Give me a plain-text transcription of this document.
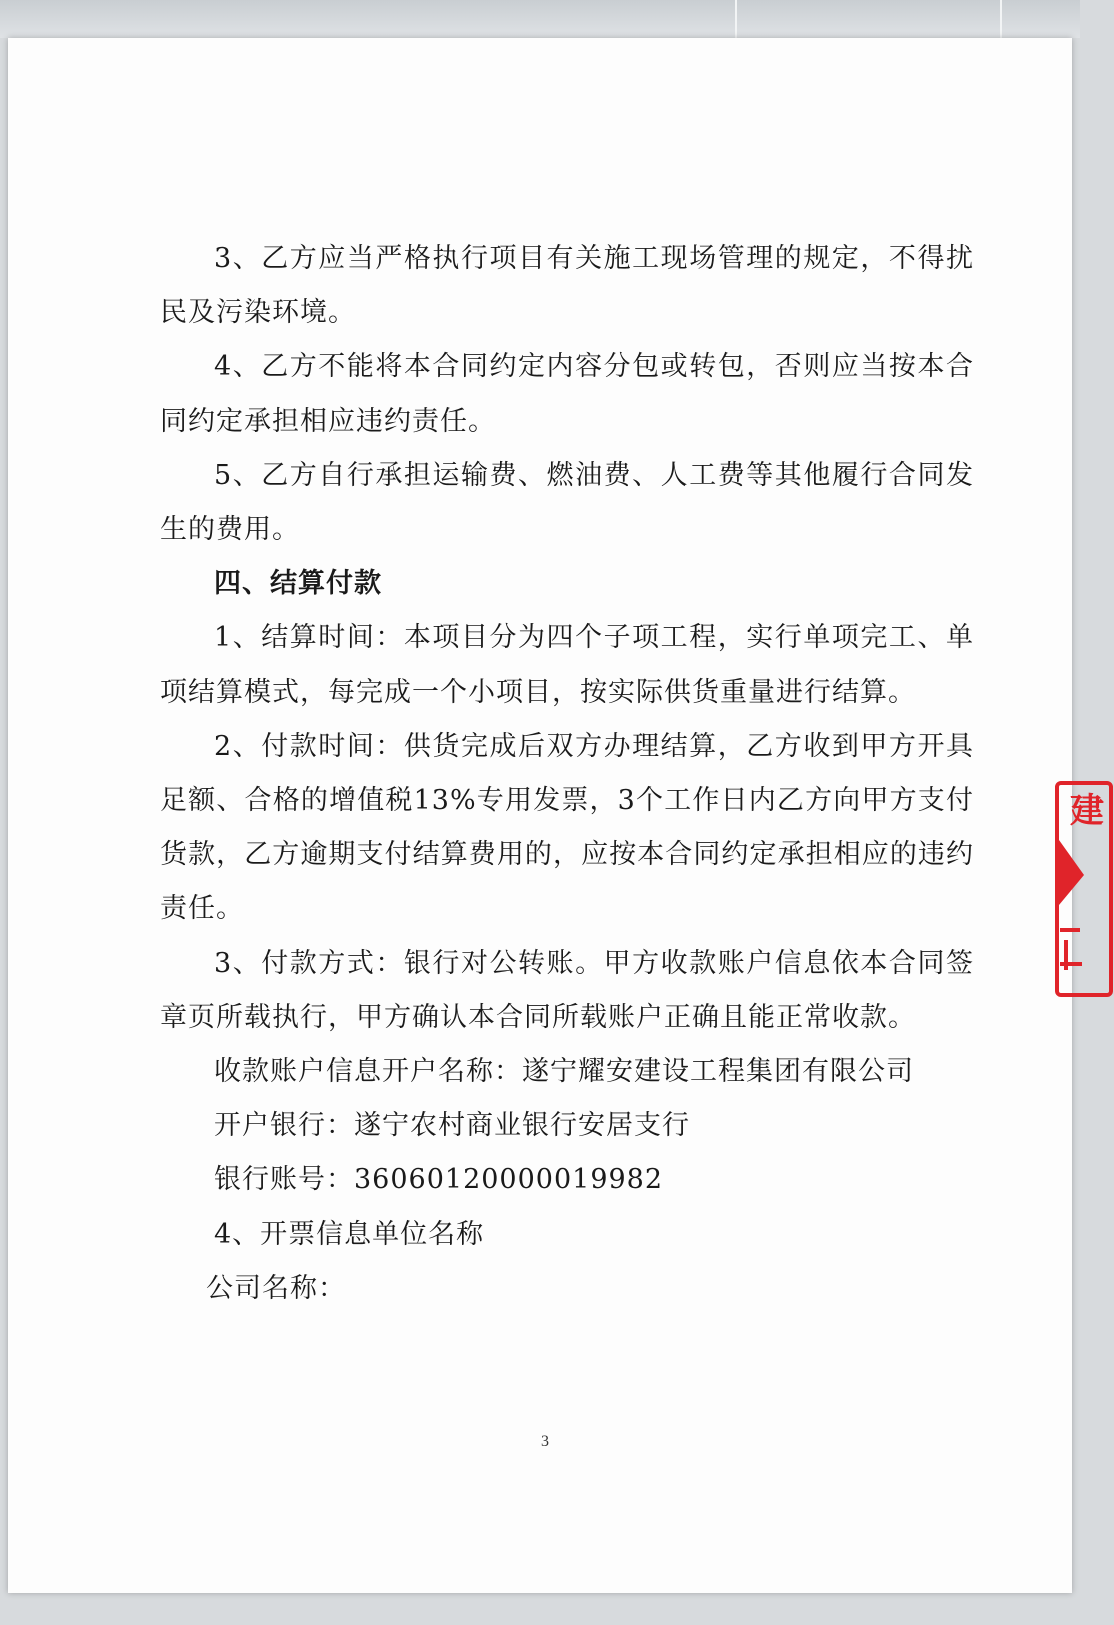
3、乙方应当严格执行项目有关施工现场管理的规定，不得扰民及污染环境。

4、乙方不能将本合同约定内容分包或转包，否则应当按本合同约定承担相应违约责任。

5、乙方自行承担运输费、燃油费、人工费等其他履行合同发生的费用。

四、结算付款

1、结算时间：本项目分为四个子项工程，实行单项完工、单项结算模式，每完成一个小项目，按实际供货重量进行结算。

2、付款时间：供货完成后双方办理结算，乙方收到甲方开具足额、合格的增值税13%专用发票，3个工作日内乙方向甲方支付货款，乙方逾期支付结算费用的，应按本合同约定承担相应的违约责任。

3、付款方式：银行对公转账。甲方收款账户信息依本合同签章页所载执行，甲方确认本合同所载账户正确且能正常收款。

收款账户信息开户名称：遂宁耀安建设工程集团有限公司

开户银行：遂宁农村商业银行安居支行

银行账号：36060120000019982

4、开票信息单位名称

公司名称：

3
建
